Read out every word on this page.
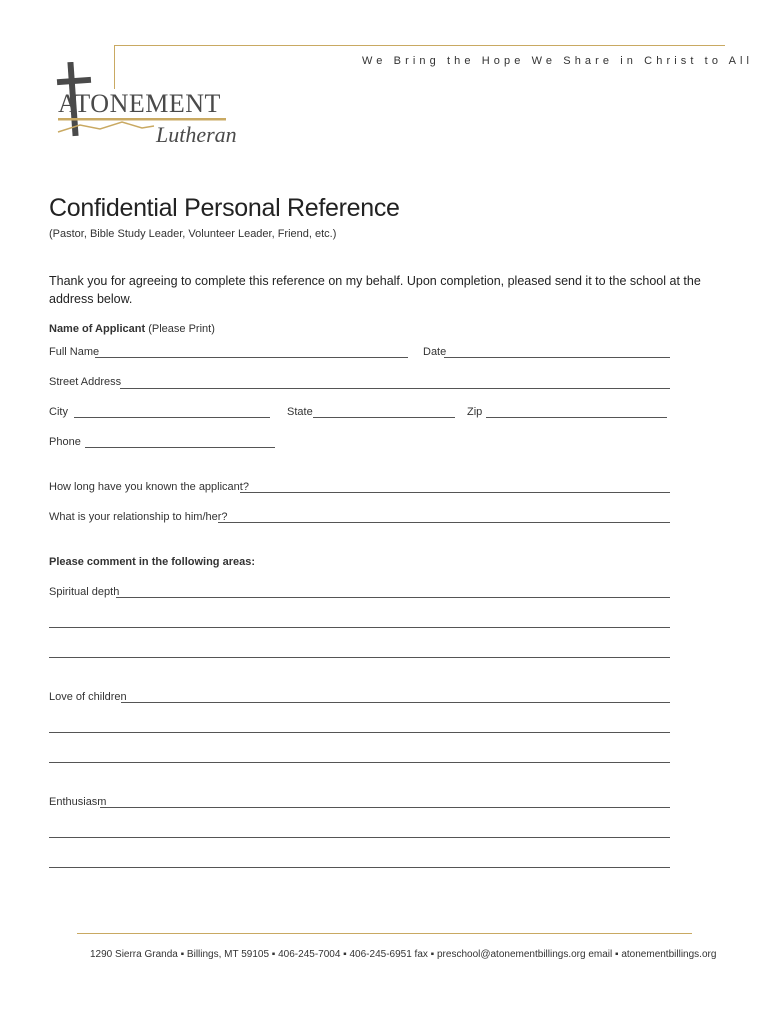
We Bring the Hope We Share in Christ to All
ATONEMENT
Lutheran
Confidential Personal Reference
(Pastor, Bible Study Leader, Volunteer Leader, Friend, etc.)
Thank you for agreeing to complete this reference on my behalf. Upon completion, pleased send it to the school at the address below.
Name of Applicant (Please Print)
Full Name	Date
Street Address
City	State	Zip
Phone
How long have you known the applicant?
What is your relationship to him/her?
Please comment in the following areas:
Spiritual depth
Love of children
Enthusiasm
1290 Sierra Granda ▪ Billings, MT 59105 ▪ 406-245-7004 ▪ 406-245-6951 fax ▪ preschool@atonementbillings.org email ▪ atonementbillings.org
